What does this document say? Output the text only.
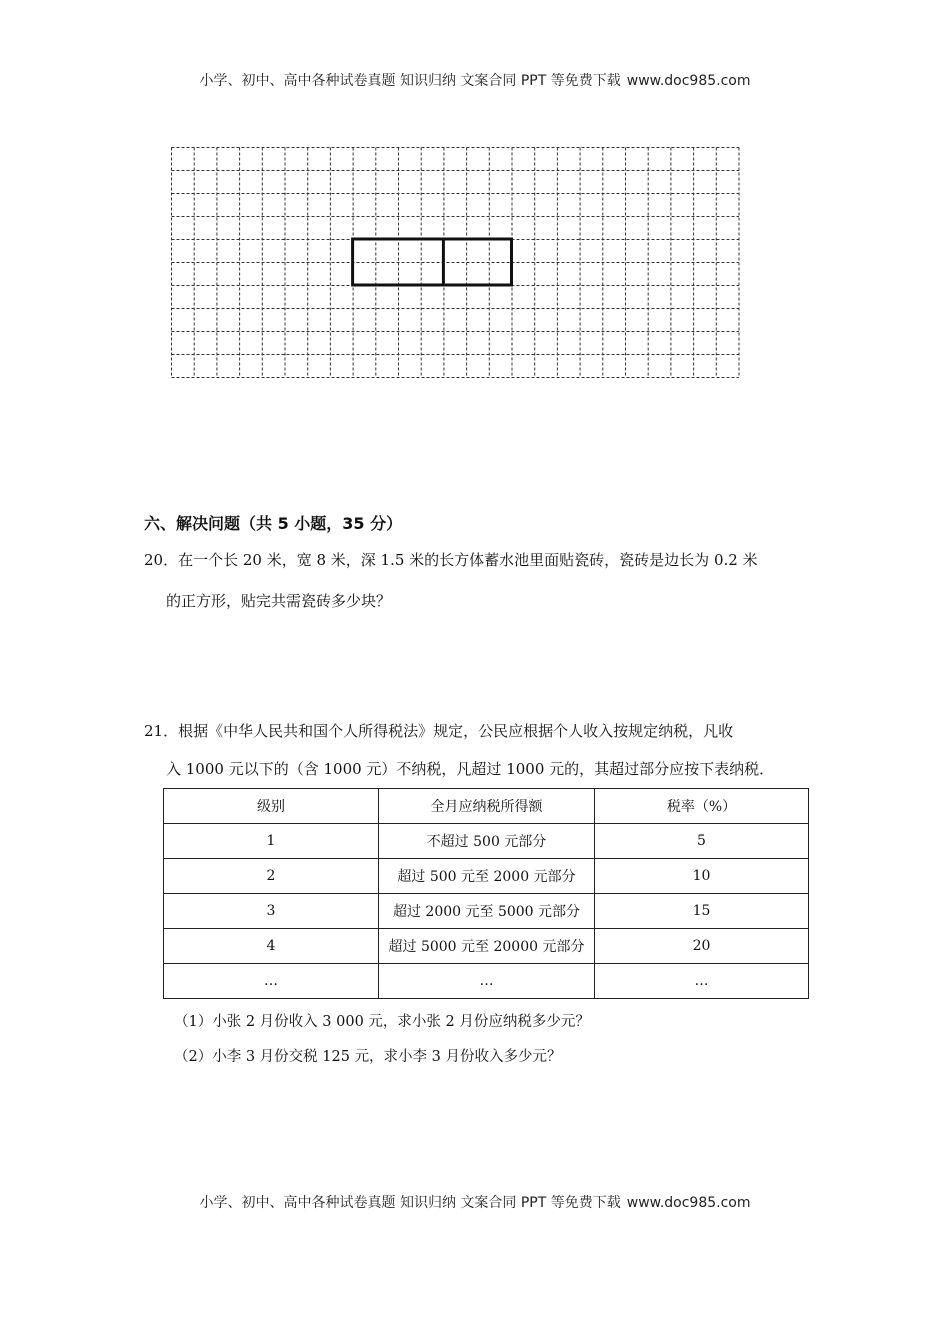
小学、初中、高中各种试卷真题 知识归纳 文案合同 PPT 等免费下载 www.doc985.com
六、解决问题（共 5 小题，35 分）
20．在一个长 20 米，宽 8 米，深 1.5 米的长方体蓄水池里面贴瓷砖，瓷砖是边长为 0.2 米
的正方形，贴完共需瓷砖多少块？
21．根据《中华人民共和国个人所得税法》规定，公民应根据个人收入按规定纳税，凡收
入 1000 元以下的（含 1000 元）不纳税，凡超过 1000 元的，其超过部分应按下表纳税．
级别	全月应纳税所得额	税率（%）
1	不超过 500 元部分	5
2	超过 500 元至 2000 元部分	10
3	超过 2000 元至 5000 元部分	15
4	超过 5000 元至 20000 元部分	20
…	…	…
（1）小张 2 月份收入 3 000 元，求小张 2 月份应纳税多少元？
（2）小李 3 月份交税 125 元，求小李 3 月份收入多少元？
小学、初中、高中各种试卷真题 知识归纳 文案合同 PPT 等免费下载 www.doc985.com
